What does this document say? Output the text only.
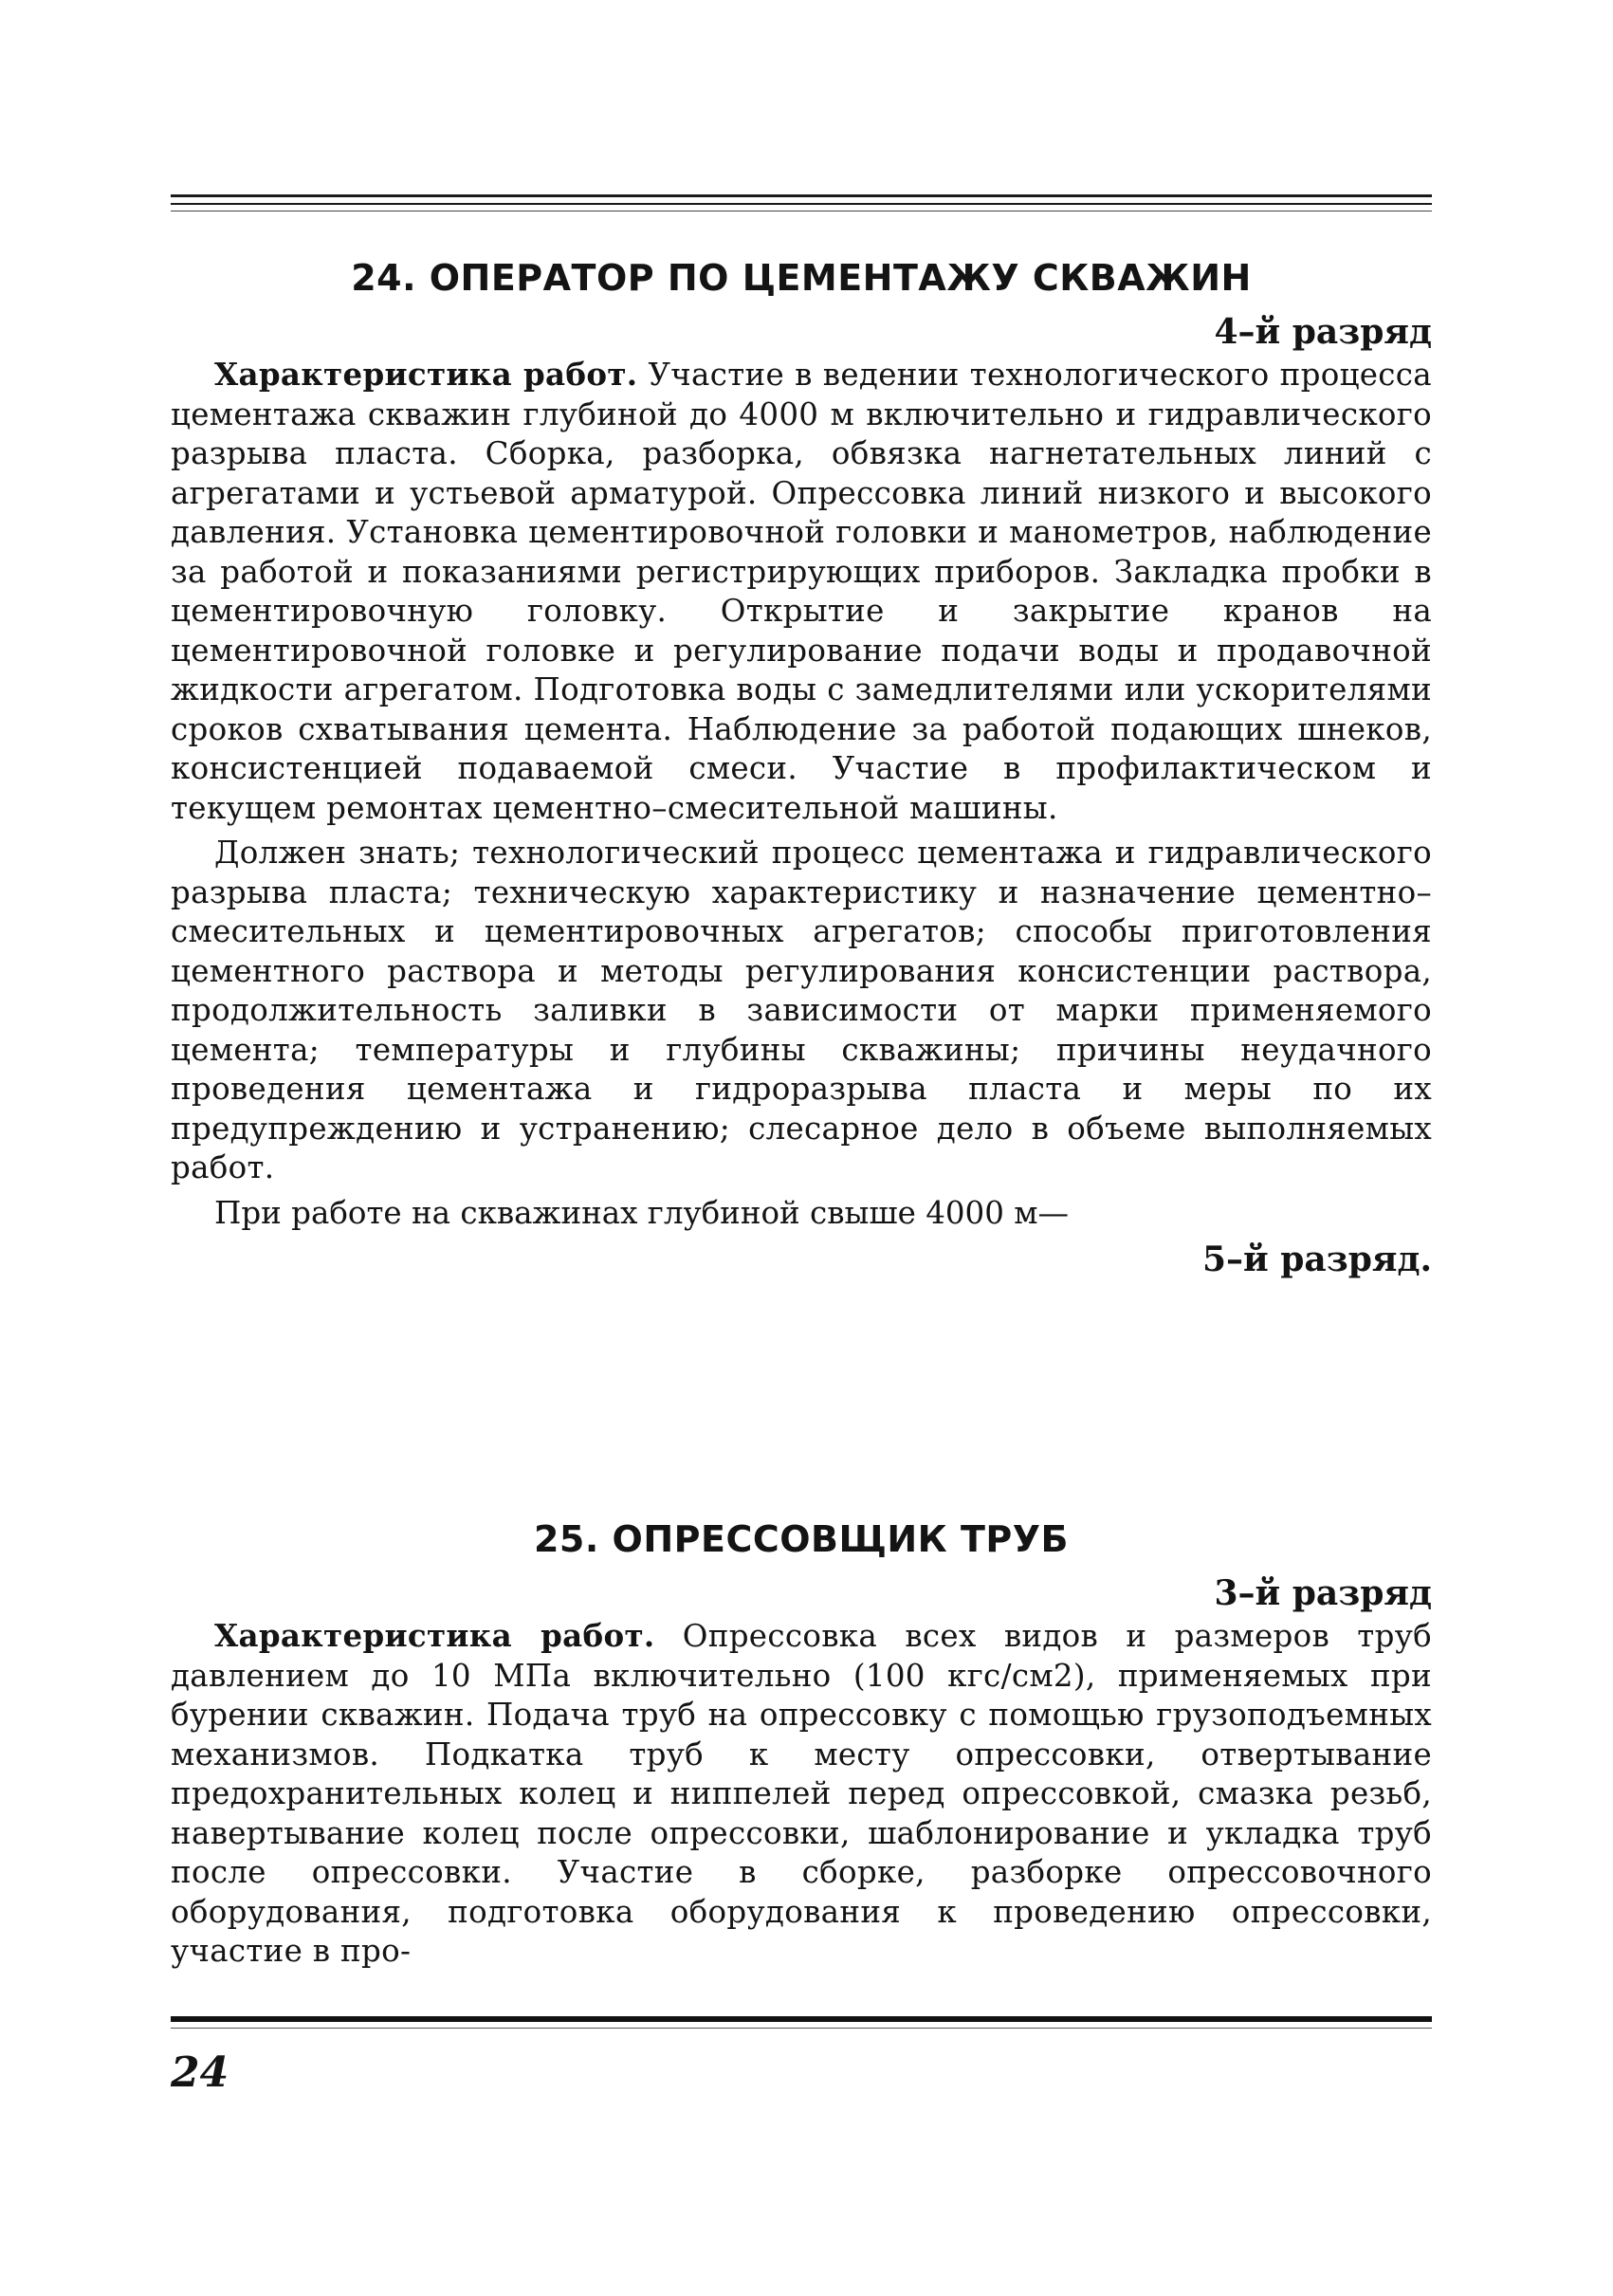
24. ОПЕРАТОР ПО ЦЕМЕНТАЖУ СКВАЖИН

4–й разряд

Характеристика работ. Участие в ведении технологического процесса цементажа скважин глубиной до 4000 м включительно и гидравлического разрыва пласта. Сборка, разборка, обвязка нагнетательных линий с агрегатами и устьевой арматурой. Опрессовка линий низкого и высокого давления. Установка цементировочной головки и манометров, наблюдение за работой и показаниями регистрирующих приборов. Закладка пробки в цементировочную головку. Открытие и закрытие кранов на цементировочной головке и регулирование подачи воды и продавочной жидкости агрегатом. Подготовка воды с замедлителями или ускорителями сроков схватывания цемента. Наблюдение за работой подающих шнеков, консистенцией подаваемой смеси. Участие в профилактическом и текущем ремонтах цементно–смесительной машины.

Должен знать; технологический процесс цементажа и гидравлического разрыва пласта; техническую характеристику и назначение цементно–смесительных и цементировочных агрегатов; способы приготовления цементного раствора и методы регулирования консистенции раствора, продолжительность заливки в зависимости от марки применяемого цемента; температуры и глубины скважины; причины неудачного проведения цементажа и гидроразрыва пласта и меры по их предупреждению и устранению; слесарное дело в объеме выполняемых работ.

При работе на скважинах глубиной свыше 4000 м—

5–й разряд.

25. ОПРЕССОВЩИК ТРУБ

3–й разряд

Характеристика работ. Опрессовка всех видов и размеров труб давлением до 10 МПа включительно (100 кгс/см2), применяемых при бурении скважин. Подача труб на опрессовку с помощью грузоподъемных механизмов. Подкатка труб к месту опрессовки, отвертывание предохранительных колец и ниппелей перед опрессовкой, смазка резьб, навертывание колец после опрессовки, шаблонирование и укладка труб после опрессовки. Участие в сборке, разборке опрессовочного оборудования, подготовка оборудования к проведению опрессовки, участие в про-

24
